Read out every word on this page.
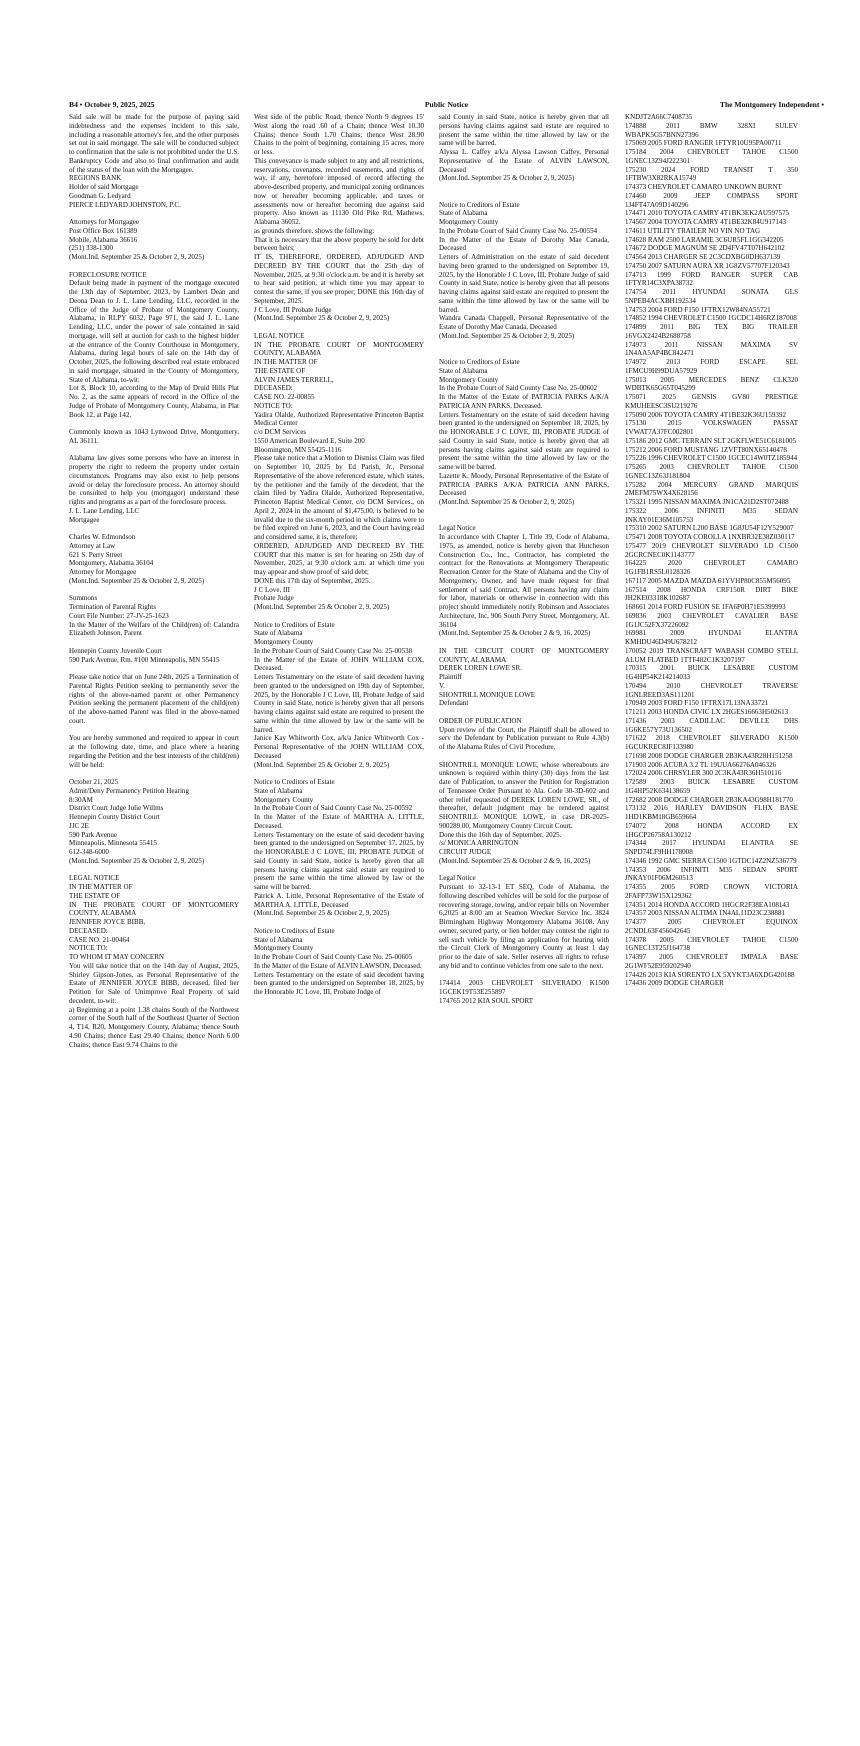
B4 • October 9, 2025, 2025	Public Notice	The Montgomery Independent •
Said sale will be made for the purpose of paying said indebtedness and the expenses incident to this sale, including a reasonable attorney's fee, and the other purposes set out in said mortgage. The sale will be conducted subject to confirmation that the sale is not prohibited under the U.S. Bankruptcy Code and also to final confirmation and audit of the status of the loan with the Mortgagee.
REGIONS BANK
Holder of said Mortgage
Goodman G. Ledyard
PIERCE LEDYARD JOHNSTON, P.C.
Attorneys for Mortgagee
Post Office Box 161389
Mobile, Alabama 36616
(251) 338-1300
(Mont.Ind. September 25 & October 2, 9, 2025)
FORECLOSURE NOTICE
Default being made in payment of the mortgage executed the 13th day of September, 2023, by Lambert Dean and Deona Dean to J. L. Lane Lending, LLC, recorded in the Office of the Judge of Probate of Montgomery County, Alabama, in RLPY 6032, Page 971, the said J. L. Lane Lending, LLC, under the power of sale contained in said mortgage, will sell at auction for cash to the highest bidder at the entrance of the County Courthouse in Montgomery, Alabama, during legal hours of sale on the 14th day of October, 2025, the following described real estate embraced in said mortgage, situated in the County of Montgomery, State of Alabama, to-wit:
Lot 8, Block 10, according to the Map of Druid Hills Plat No. 2, as the same appears of record in the Office of the Judge of Probate of Montgomery County, Alabama, in Plat Book 12, at Page 142.
Commonly known as 1043 Lynwood Drive, Montgomery, AL 36111.
Alabama law gives some persons who have an interest in property the right to redeem the property under certain circumstances. Programs may also exist to help persons avoid or delay the foreclosure process. An attorney should be consulted to help you (mortgagor) understand these rights and programs as a part of the foreclosure process.
J. L. Lane Lending, LLC
Mortgagee
Charles W. Edmondson
Attorney at Law
621 S. Perry Street
Montgomery, Alabama 36104
Attorney for Mortgagee
(Mont.Ind. September 25 & October 2, 9, 2025)
Summons
Termination of Parental Rights
Court File Number: 27-JV-25-1623
In the Matter of the Welfare of the Child(ren) of: Calandra Elizabeth Johnson, Parent
Hennepin County Juvenile Court
590 Park Avenue, Rm. #100 Minneapolis, MN 55415
Please take notice that on June 24th, 2025 a Termination of Parental Rights Petition seeking to permanently sever the rights of the above-named parent or other Permanency Petition seeking the permanent placement of the child(ren) of the above-named Parent was filed in the above-named court.
You are hereby summoned and required to appear in court at the following date, time, and place where a hearing regarding the Petition and the best interests of the child(ren) will be held:
October 21, 2025
Admit/Deny Permanency Petition Hearing
8:30AM
District Court Judge Julie Willms
Hennepin County District Court
JJC 2E
590 Park Avenue
Minneapolis, Minnesota 55415
612-348-6000
(Mont.Ind. September 25 & October 2, 9, 2025)
LEGAL NOTICE
IN THE MATTER OF
THE ESTATE OF
IN THE PROBATE COURT OF MONTGOMERY COUNTY, ALABAMA
JENNIFER JOYCE BIBB,
DECEASED:
CASE NO. 21-00464
NOTICE TO:
TO WHOM IT MAY CONCERN
You will take notice that on the 14th day of August, 2025, Shirley Gipson-Jones, as Personal Representative of the Estate of JENNIFER JOYCE BIBB, deceased, filed her Petition for Sale of Unimprove Real Property of said decedent, to-wit:
a) Beginning at a point 1.38 chains South of the Northwest corner of the South half of the Southeast Quarter of Section 4, T14, R20, Montgomery County, Alabama; thence South 4.90 Chains; thence East 29.40 Chains; thence North 6.00 Chains; thence East 9.74 Chains to the
West side of the public Road; thence North 9 degrees 15' West along the road .60 of a Chain; thence West 10.30 Chains; thence South 1.70 Chains; thence West 28.90 Chains to the point of beginning, containing 15 acres, more or less.
This conveyance is made subject to any and all restrictions, reservations, covenants, recorded easements, and rights of way, if any, heretofore imposed of record affecting the above-described property, and municipal zoning ordinances now or hereafter becoming applicable, and taxes or assessments now or hereafter becoming due against said property. Also known as 11130 Old Pike Rd, Mathews, Alabama 36052.
as grounds therefore, shows the following:
That it is necessary that the above property be sold for debt between heirs;
IT IS, THEREFORE, ORDERED, ADJUDGED AND DECREED BY THE COURT that the 25th day of November, 2025, at 9:30 o'clock a.m. be and it is hereby set to hear said petition, at which time you may appear to contest the same, if you see proper; DONE this 16th day of September, 2025.
J C Love, III Probate Judge
(Mont.Ind. September 25 & October 2, 9, 2025)
LEGAL NOTICE
IN THE PROBATE COURT OF MONTGOMERY COUNTY, ALABAMA
IN THE MATTER OF
THE ESTATE OF
ALVIN JAMES TERRELL,
DECEASED:
CASE NO. 22-00855
NOTICE TO:
Yadira Olalde, Authorized Representative Princeton Baptist Medical Center
c/o DCM Services
1550 American Boulevard E, Suite 200
Bloomington, MN 55425-1116
Please take notice that a Motion to Dismiss Claim was filed on September 10, 2025 by Ed Parish, Jr., Personal Representative of the above referenced estate, which states, by the petitioner and the family of the decedent, that the claim filed by Yadira Olalde, Authorized Representative, Princeton Baptist Medical Center, c/o DCM Services., on April 2, 2024 in the amount of $1,475.00, is believed to be invalid due to the six-month period in which claims were to be filed expired on June 6, 2023, and the Court having read and considered same, it is, therefore;
ORDERED, ADJUDGED AND DECREED BY THE COURT that this matter is set for hearing on 25th day of November, 2025, at 9:30 o'clock a.m. at which time you may appear and show proof of said debt;
DONE this 17th day of September, 2025.
J C Love, III
Probate Judge
(Mont.Ind. September 25 & October 2, 9, 2025)
Notice to Creditors of Estate
State of Alabama
Montgomery County
In the Probate Court of Said County Case No. 25-00538
In the Matter of the Estate of JOHN WILLIAM COX, Deceased.
Letters Testamentary on the estate of said decedent having been granted to the undersigned on 19th day of September, 2025, by the Honorable J C Love, III, Probate Judge of said County in said State, notice is hereby given that all persons having claims against said estate are required to present the same within the time allowed by law or the same will be barred.
Janice Kay Whitworth Cox, a/k/a Janice Whitworth Cox - Personal Representative of the JOHN WILLIAM COX, Deceased
(Mont.Ind. September 25 & October 2, 9, 2025)
Notice to Creditors of Estate
State of Alabama
Montgomery County
In the Probate Court of Said County Case No. 25-00592
In the Matter of the Estate of MARTHA A. LITTLE, Deceased.
Letters Testamentary on the estate of said decedent having been granted to the undersigned on September 17, 2025, by the HONORABLE J C LOVE, III, PROBATE JUDGE of said County in said State, notice is hereby given that all persons having claims against said estate are required to present the same within the time allowed by law or the same will be barred.
Patrick A. Little, Personal Representative of the Estate of MARTHA A. LITTLE, Deceased
(Mont.Ind. September 25 & October 2, 9, 2025)
Notice to Creditors of Estate
State of Alabama
Montgomery County
In the Probate Court of Said County Case No. 25-00605
In the Matter of the Estate of ALVIN LAWSON, Deceased.
Letters Testamentary on the estate of said decedent having been granted to the undersigned on September 18, 2025, by the Honorable JC Love, III, Probate Judge of
said County in said State, notice is hereby given that all persons having claims against said estate are required to present the same within the time allowed by law or the same will be barred.
Alyssa L. Caffey a/k/a Alyssa Lawson Caffey, Personal Representative of the Estate of ALVIN LAWSON, Deceased
(Mont.Ind. September 25 & October 2, 9, 2025)
Notice to Creditors of Estate
State of Alabama
Montgomery County
In the Probate Court of Said County Case No. 25-00554
In the Matter of the Estate of Dorothy Mae Canada, Deceased
Letters of Administration on the estate of said decedent having been granted to the undersigned on September 19, 2025, by the Honorable J C Love, III, Probate Judge of said County in said State, notice is hereby given that all persons having claims against said estate are required to present the same within the time allowed by law or the same will be barred.
Wandra Canada Chappell, Personal Representative of the Estate of Dorothy Mae Canada, Deceased
(Mont.Ind. September 25 & October 2, 9, 2025)
Notice to Creditors of Estate
State of Alabama
Montgomery County
In the Probate Court of Said County Case No. 25-00602
In the Matter of the Estate of PATRICIA PARKS A/K/A PATRICIA ANN PARKS, Deceased.
Letters Testamentary on the estate of said decedent having been granted to the undersigned on September 18, 2025, by the HONORABLE J C LOVE, III, PROBATE JUDGE of said County in said State, notice is hereby given that all persons having claims against said estate are required to present the same within the time allowed by law or the same will be barred.
Lazette K. Moody, Personal Representative of the Estate of PATRICIA PARKS A/K/A PATRICIA ANN PARKS, Deceased
(Mont.Ind. September 25 & October 2, 9, 2025)
Legal Notice
In accordance with Chapter 1, Title 39, Code of Alabama, 1975, as amended, notice is hereby given that Hutcheson Construction Co., Inc., Contractor, has completed the contract for the Renovations at Montgomery Therapeutic Recreation Center for the State of Alabama and the City of Montgomery, Owner, and have made request for final settlement of said Contract. All persons having any claim for labor, materials or otherwise in connection with this project should immediately notify Robinson and Associates Architecture, Inc, 906 South Perry Street, Montgomery, AL 36104
(Mont.Ind. September 25 & October 2 & 9, 16, 2025)
IN THE CIRCUIT COURT OF MONTGOMERY COUNTY, ALABAMA
DEREK LOREN LOWE SR.
Plaintiff
V.
SHONTRILL MONIQUE LOWE
Defendant
ORDER OF PUBLICATION
Upon review of the Court, the Plaintiff shall be allowed to serv the Defendant by Publication pursuant to Rule 4.3(b) of the Alabama Rules of Civil Procedure.
SHONTRILL MONIQUE LOWE, whose whereabouts are unknown is required within thirty (30) days from the last date of Publication, to answer the Petition for Registration of Tennessee Order Pursuant to Ala. Code 30-3D-602 and other relief requested of DEREK LOREN LOWE, SR., of thereafter, default judgment may be rendered against SHONTRILL MONIQUE LOWE, in case DR-2025-900289.00, Montgomery County Circuit Court.
Done this the 16th day of September, 2025.
/s/ MONICA ARRINGTON
CIRCUIT JUDGE
(Mont.Ind. September 25 & October 2 & 9, 16, 2025)
Legal Notice
Pursuant to 32-13-1 ET SEQ, Code of Alabama, the following described vehicles will be sold for the purpose of recovering storage, towing, and/or repair bills on November 6,2025 at 8:00 am at Seamon Wrecker Service Inc, 3824 Birmingham Highway Montgomery Alabama 36108. Any owner, secured party, or lien holder may contest the right to sell such vehicle by filing an application for hearing with the Circuit Clerk of Montgomery County at least 1 day prior to the date of sale. Seller reserves all rights to refuse any bid and to continue vehicles from one sale to the next.
174414 2003 CHEVROLET SILVERADO K1500 1GCEK19T53E255897
174765 2012 KIA SOUL SPORT
KNDJT2A66C7408735
174888 2011 BMW 328XI SULEV WBAPK5G57BNN27396
175069 2005 FORD RANGER 1FTYR10U95PA00711
175184 2004 CHEVROLET TAHOE C1500 1GNEC13Z94J222301
175230 2024 FORD TRANSIT T 350 1FTBW3X82RKA15749
174373 CHEVROLET CAMARO UNKOWN BURNT
174460 2009 JEEP COMPASS SPORT 1J4FT47A09D140296
174471 2010 TOYOTA CAMRY 4T1BK3EK2AU597575
174567 2004 TOYOTA CAMRY 4T1BE32K84U917143
174611 UTILITY TRAILER NO VIN NO TAG
174628 RAM 2500 LARAMIE 3C6UR5FL1GG342205
174672 DODGE MAGNUM SE 2D4FV47T07H642102
174564 2013 CHARGER SE 2C3CDXBG0DH637139
174750 2007 SATURN AURA XR 1G8ZV57707F120343
174713 1999 FORD RANGER SUPER CAB 1FTYR14C3XPA38732
174754 2011 HYUNDAI SONATA GLS 5NPEB4ACXBH192534
174753 2004 FORD F150 1FTRX12W84NA55721
174852 1994 CHEVROLET C1500 1GCDC14H6RZ187008
174899 2011 BIG TEX BIG TRAILER 16VGX2424B2688758
174973 2011 NISSAN MAXIMA SV 1N4AA5AP4BC842471
174972 2013 FORD ESCAPE SEL 1FMCU9H99DUA57929
175013 2005 MERCEDES BENZ CLK320 WDBTK65G65T045299
175071 2025 GENSIS GV80 PRESTIGE KMUHEESC3SU219276
175090 2006 TOYOTA CAMRY 4T1BE32K36U159392
175130 2015 VOLKSWAGEN PASSAT 1VWAT7A37FC002801
175186 2012 GMC TERRAIN SLT 2GKFLWE51C6181005
175212 2006 FORD MUSTANG 1ZVFT80NX65140478
175226 1996 CHEVROLET C1500 1GCEC14W0TZ185944
175265 2003 CHEVROLET TAHOE C1500 1GNEC13Z63J181804
175282 2004 MERCURY GRAND MARQUIS 2MEFM75WX4X628156
175321 1995 NISSAN MAXIMA JN1CA21D2ST072488
175322 2006 INFINITI M35 SEDAN JNKAY01E36M105753
175310 2002 SATURN L200 BASE 1G8JU54F12Y529007
175471 2008 TOYOTA COROLLA 1NXBR32E38Z030117
175477 2019 CHEVROLET SILVERADO LD C1500 2GCRCNEC0K1143777
164225 2020 CHEVROLET CAMARO 1G1FB1RS5L0128326
167117 2005 MAZDA MAZDA 61YVHP80C855M56095
167514 2008 HONDA CRF150R DIRT BIKE JH2KE03318K102687
168661 2014 FORD FUSION SE 1FA6P0H71E5399993
169836 2003 CHEVROLET CAVALIER BASE 1G1JC52FX37226092
169981 2009 HYUNDAI ELANTRA KMHDU46D49U678212
170052 2019 TRANSCRAFT WABASH COMBO STELL ALUM FLATBED 1TTF482C1K3207197
170315 2001 BUICK LESABRE CUSTOM 1G4HP54K214214033
170494 2010 CHEVROLET TRAVERSE 1GNLREED3AS111201
170949 2003 FORD F150 1FTRX17L13NA33721
171211 2003 HONDA CIVIC LX 2HGES16663H502613
171436 2003 CADILLAC DEVILLE DHS 1G6KE57Y73U136502
171622 2018 CHEVROLET SILVERADO K1500 1GCUKREC8JF133980
171698 2008 DODGE CHARGER 2B3KA43R28H151258
171903 2006 ACURA 3.2 TL 19UUA66276A046326
172024 2006 CHRSYLER 300 2C3KA43R36H510116
172589 2003 BUICK LESABRE CUSTOM 1G4HP52K634138659
172682 2008 DODGE CHARGER 2B3KA43G98H181770
173132 2016 HARLEY DAVIDSON FLHX BASE 1HD1KBM18GB659664
174072 2008 HONDA ACCORD EX 1HGCP26758A130212
174344 2017 HYUNDAI ELANTRA SE 5NPD74LF9HH178008
174346 1992 GMC SIERRA C1500 1GTDC14Z2NZ536779
174353 2006 INFINITI M35 SEDAN SPORT JNKAY01F06M260513
174355 2005 FORD CROWN VICTORIA 2FAFP73W15X129362
174351 2014 HONDA ACCORD 1HGCR2F38EA108143
174357 2003 NISSAN ALTIMA 1N4AL11D23C238881
174377 2005 CHEVROLET EQUINOX 2CNDL63F456042645
174378 2005 CHEVROLET TAHOE C1500 1GNEC13T25J164738
174397 2005 CHEVROLET IMPALA BASE 2G1WF52E959202940
174426 2013 KIA SORENTO LX 5XYKT3A6XDG420188
174436 2009 DODGE CHARGER
